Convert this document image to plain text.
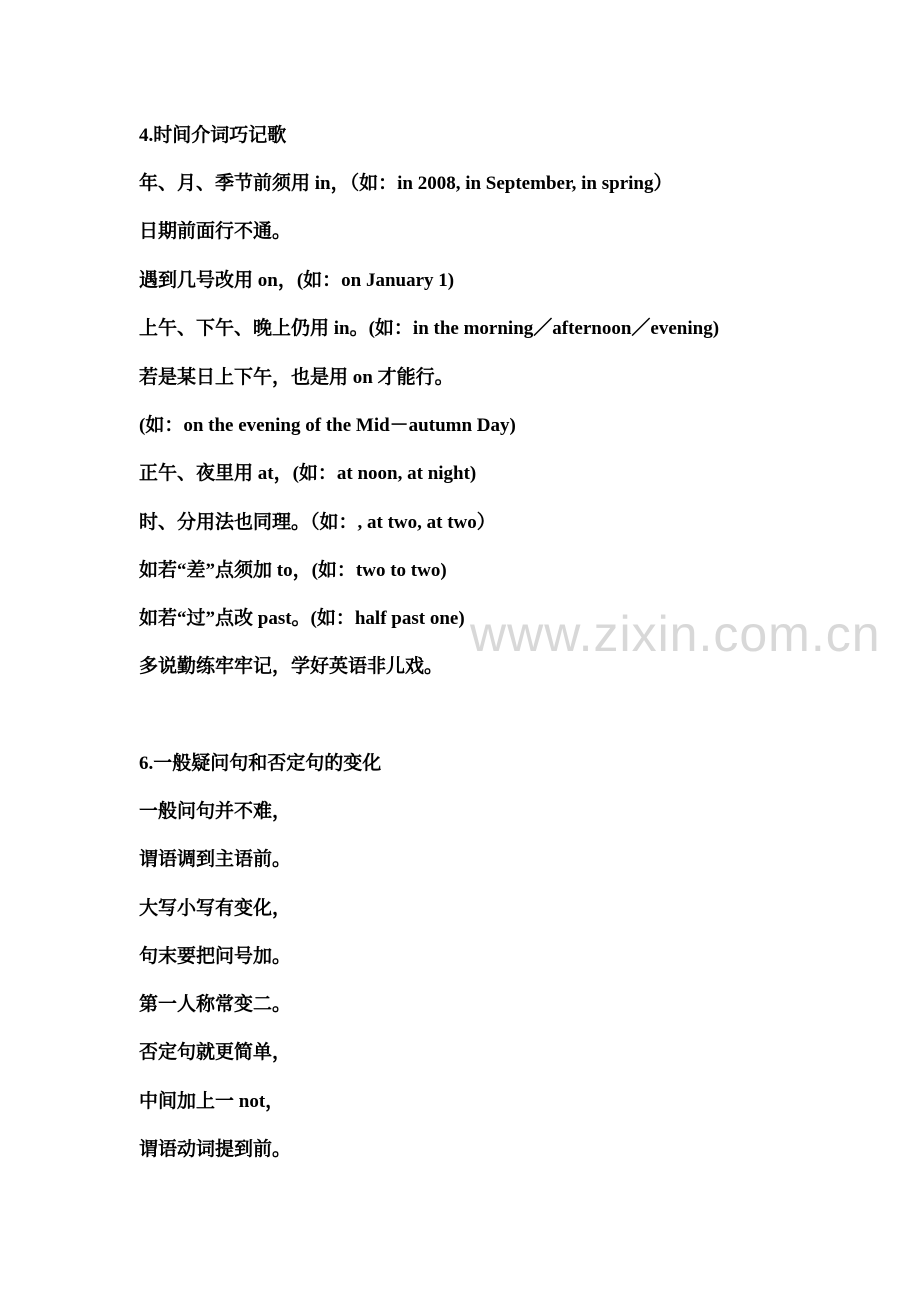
www.zixin.com.cn
4.时间介词巧记歌
年、月、季节前须用 in，（如：in 2008, in September, in spring）
日期前面行不通。
遇到几号改用 on，(如：on January 1)
上午、下午、晚上仍用 in。(如：in the morning／afternoon／evening)
若是某日上下午，也是用 on 才能行。
(如：on the evening of the Mid－autumn Day)
正午、夜里用 at，(如：at noon, at night)
时、分用法也同理。（如：, at two, at two）
如若“差”点须加 to，(如：two to two)
如若“过”点改 past。(如：half past one)
多说勤练牢牢记，学好英语非儿戏。
6.一般疑问句和否定句的变化
一般问句并不难，
谓语调到主语前。
大写小写有变化，
句末要把问号加。
第一人称常变二。
否定句就更简单，
中间加上一 not，
谓语动词提到前。
